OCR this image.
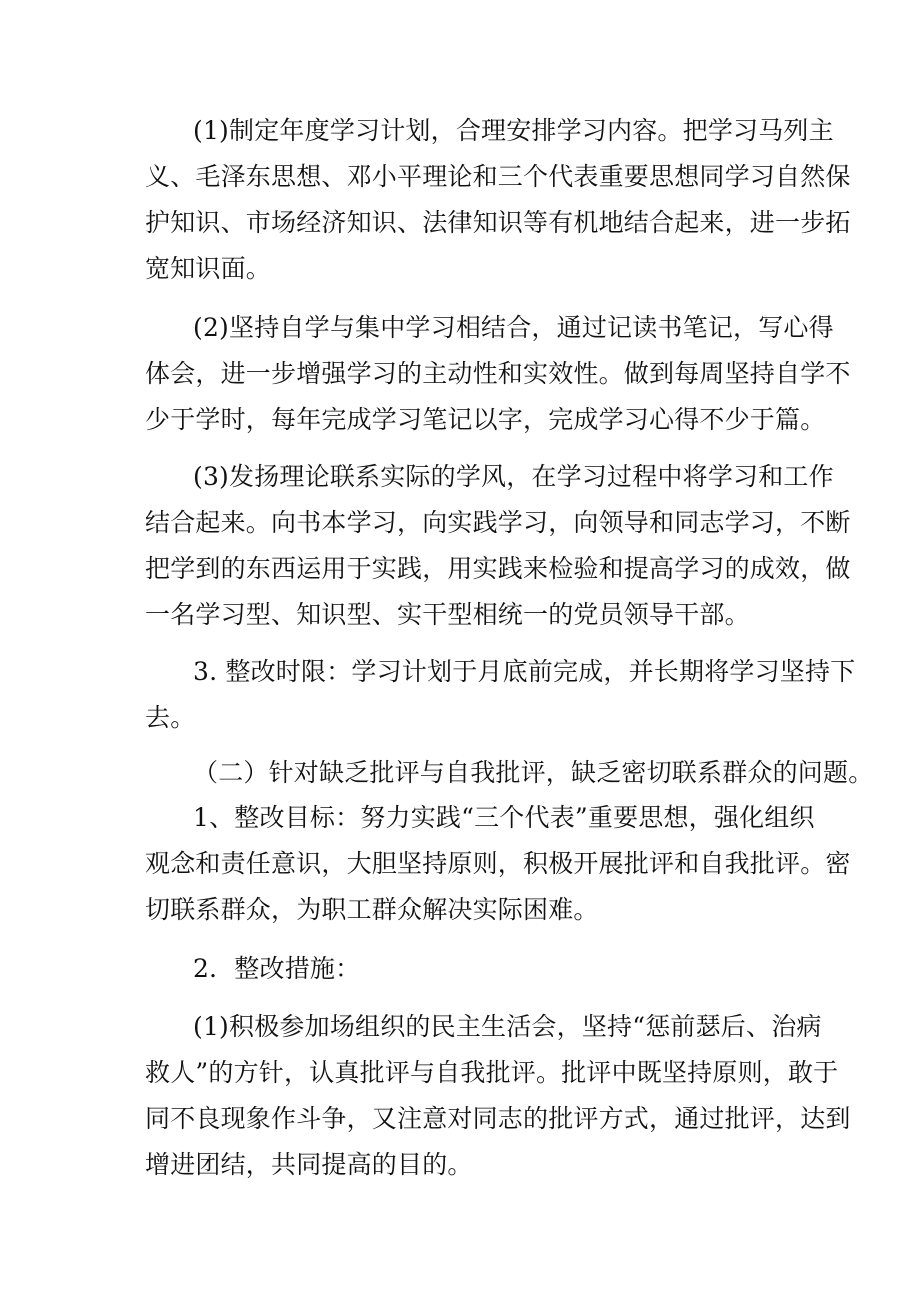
(1)制定年度学习计划，合理安排学习内容。把学习马列主
义、毛泽东思想、邓小平理论和三个代表重要思想同学习自然保
护知识、市场经济知识、法律知识等有机地结合起来，进一步拓
宽知识面。
(2)坚持自学与集中学习相结合，通过记读书笔记，写心得
体会，进一步增强学习的主动性和实效性。做到每周坚持自学不
少于学时，每年完成学习笔记以字，完成学习心得不少于篇。
(3)发扬理论联系实际的学风，在学习过程中将学习和工作
结合起来。向书本学习，向实践学习，向领导和同志学习，不断
把学到的东西运用于实践，用实践来检验和提高学习的成效，做
一名学习型、知识型、实干型相统一的党员领导干部。
3. 整改时限：学习计划于月底前完成，并长期将学习坚持下
去。
（二）针对缺乏批评与自我批评，缺乏密切联系群众的问题。
1、整改目标：努力实践“三个代表”重要思想，强化组织
观念和责任意识，大胆坚持原则，积极开展批评和自我批评。密
切联系群众，为职工群众解决实际困难。
2．整改措施：
(1)积极参加场组织的民主生活会，坚持“惩前瑟后、治病
救人”的方针，认真批评与自我批评。批评中既坚持原则，敢于
同不良现象作斗争，又注意对同志的批评方式，通过批评，达到
增进团结，共同提高的目的。
